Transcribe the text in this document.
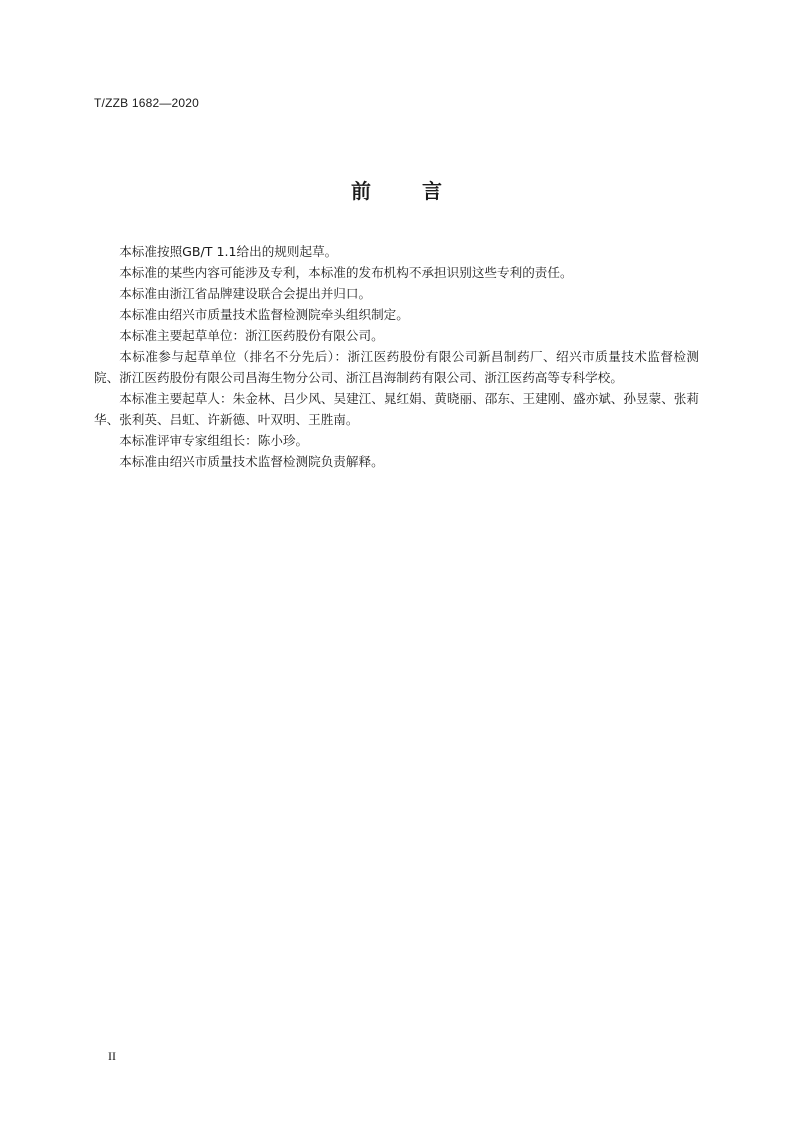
T/ZZB 1682—2020
前 言

本标准按照GB/T 1.1给出的规则起草。

本标准的某些内容可能涉及专利，本标准的发布机构不承担识别这些专利的责任。

本标准由浙江省品牌建设联合会提出并归口。

本标准由绍兴市质量技术监督检测院牵头组织制定。

本标准主要起草单位：浙江医药股份有限公司。

本标准参与起草单位（排名不分先后）：浙江医药股份有限公司新昌制药厂、绍兴市质量技术监督检测院、浙江医药股份有限公司昌海生物分公司、浙江昌海制药有限公司、浙江医药高等专科学校。

本标准主要起草人：朱金林、吕少风、吴建江、晁红娟、黄晓丽、邵东、王建刚、盛亦斌、孙昱蒙、张莉华、张利英、吕虹、许新德、叶双明、王胜南。

本标准评审专家组组长：陈小珍。

本标准由绍兴市质量技术监督检测院负责解释。

II
